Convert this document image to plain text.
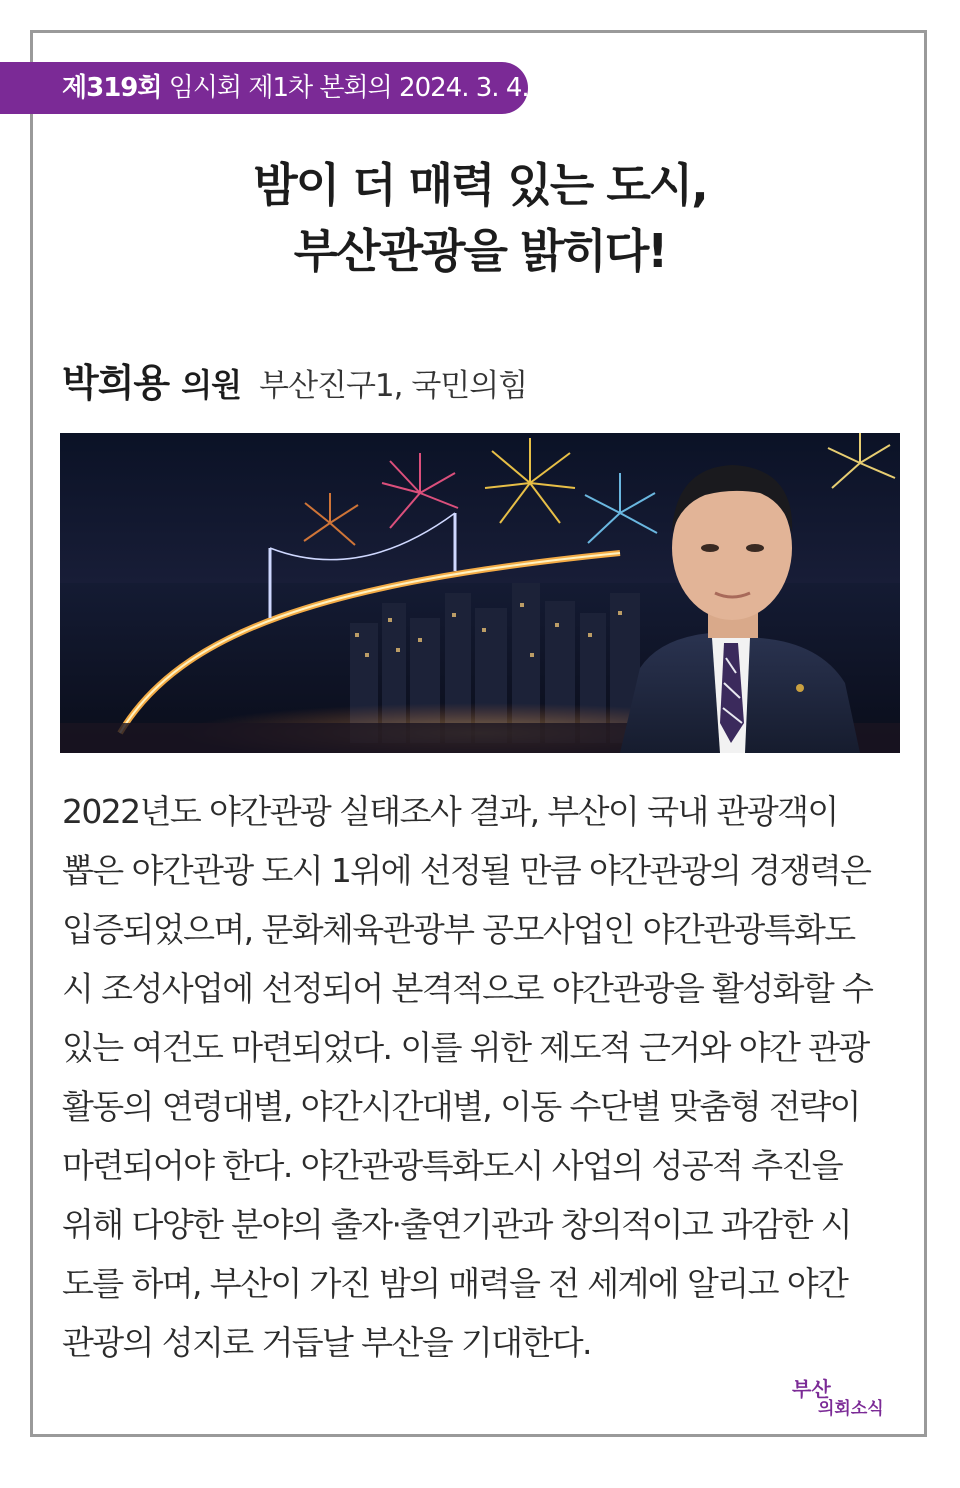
제319회 임시회 제1차 본회의 2024. 3. 4.
밤이 더 매력 있는 도시,
부산관광을 밝히다!
박희용 의원 부산진구1, 국민의힘
2022년도 야간관광 실태조사 결과, 부산이 국내 관광객이
뽑은 야간관광 도시 1위에 선정될 만큼 야간관광의 경쟁력은
입증되었으며, 문화체육관광부 공모사업인 야간관광특화도
시 조성사업에 선정되어 본격적으로 야간관광을 활성화할 수
있는 여건도 마련되었다. 이를 위한 제도적 근거와 야간 관광
활동의 연령대별, 야간시간대별, 이동 수단별 맞춤형 전략이
마련되어야 한다. 야간관광특화도시 사업의 성공적 추진을
위해 다양한 분야의 출자·출연기관과 창의적이고 과감한 시
도를 하며, 부산이 가진 밤의 매력을 전 세계에 알리고 야간
관광의 성지로 거듭날 부산을 기대한다.
부산
의회소식
